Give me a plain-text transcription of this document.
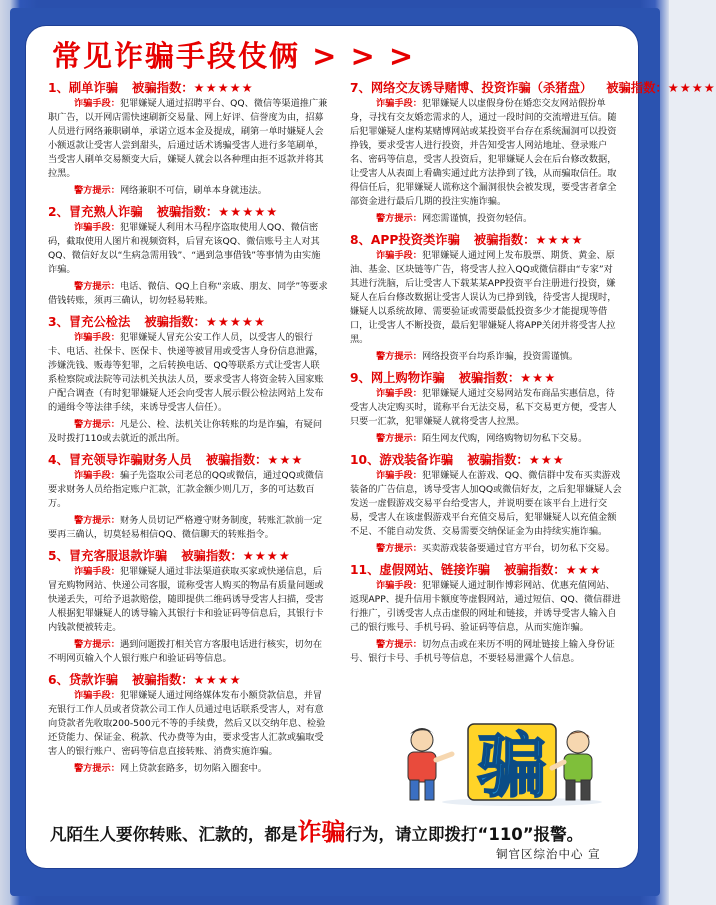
常见诈骗手段伎俩 > > >
1、刷单诈骗 被骗指数：★★★★★
诈骗手段：犯罪嫌疑人通过招聘平台、QQ、微信等渠道推广兼职广告，以开网店需快速刷新交易量、网上好评、信誉度为由，招募人员进行网络兼职刷单，承诺立返本金及提成，刷第一单时嫌疑人会小额返款让受害人尝到甜头，后通过话术诱骗受害人进行多笔刷单，当受害人刷单交易额变大后，嫌疑人就会以各种理由拒不返款并将其拉黑。
警方提示：网络兼职不可信，刷单本身就违法。
2、冒充熟人诈骗 被骗指数：★★★★★
诈骗手段：犯罪嫌疑人利用木马程序盗取使用人QQ、微信密码，截取使用人图片和视频资料，后冒充该QQ、微信账号主人对其QQ、微信好友以“生病急需用钱”、“遇到急事借钱”等事情为由实施诈骗。
警方提示：电话、微信、QQ上自称“亲戚、朋友、同学”等要求借钱转账，须再三确认，切勿轻易转账。
3、冒充公检法 被骗指数：★★★★★
诈骗手段：犯罪嫌疑人冒充公安工作人员，以受害人的银行卡、电话、社保卡、医保卡、快递等被冒用或受害人身份信息泄露，涉嫌洗钱、贩毒等犯罪，之后转换电话、QQ等联系方式让受害人联系检察院或法院等司法机关执法人员，要求受害人将资金转入国家账户配合调查（有时犯罪嫌疑人还会向受害人展示假公检法网站上发布的通缉令等法律手续，来诱导受害人信任）。
警方提示：凡是公、检、法机关让你转账的均是诈骗，有疑问及时拨打110或去就近的派出所。
4、冒充领导诈骗财务人员 被骗指数：★★★
诈骗手段：骗子先盗取公司老总的QQ或微信，通过QQ或微信要求财务人员给指定账户汇款，汇款金额少则几万，多的可达数百万。
警方提示：财务人员切记严格遵守财务制度，转账汇款前一定要再三确认，切莫轻易相信QQ、微信聊天的转账指令。
5、冒充客服退款诈骗 被骗指数：★★★★
诈骗手段：犯罪嫌疑人通过非法渠道获取买家或快递信息，后冒充购物网站、快递公司客服，谎称受害人购买的物品有质量问题或快递丢失，可给予退款赔偿，随即提供二维码诱导受害人扫描，受害人根据犯罪嫌疑人的诱导输入其银行卡和验证码等信息后，其银行卡内钱款便被转走。
警方提示：遇到问题拨打相关官方客服电话进行核实，切勿在不明网页输入个人银行账户和验证码等信息。
6、贷款诈骗 被骗指数：★★★★
诈骗手段：犯罪嫌疑人通过网络媒体发布小额贷款信息，并冒充银行工作人员或者贷款公司工作人员通过电话联系受害人，对有意向贷款者先收取200-500元不等的手续费，然后又以交纳年息、检验还贷能力、保证金、税款、代办费等为由，要求受害人汇款或骗取受害人的银行账户、密码等信息直接转账、消费实施诈骗。
警方提示：网上贷款套路多，切勿陷入圈套中。
7、网络交友诱导赌博、投资诈骗（杀猪盘） 被骗指数：★★★★
诈骗手段：犯罪嫌疑人以虚假身份在婚恋交友网站假扮单身，寻找有交友婚恋需求的人，通过一段时间的交流增进互信。随后犯罪嫌疑人虚构某赌博网站或某投资平台存在系统漏洞可以投资挣钱，要求受害人进行投资，并告知受害人网站地址、登录账户名、密码等信息，受害人投资后，犯罪嫌疑人会在后台修改数据，让受害人从表面上看确实通过此方法挣到了钱，从而骗取信任。取得信任后，犯罪嫌疑人谎称这个漏洞很快会被发现，要受害者拿全部资金进行最后几期的投注实施诈骗。
警方提示：网恋需谨慎，投资勿轻信。
8、APP投资类诈骗 被骗指数：★★★★
诈骗手段：犯罪嫌疑人通过网上发布股票、期货、黄金、原油、基金、区块链等广告，将受害人拉入QQ或微信群由“专家”对其进行洗脑，后让受害人下载某某APP投资平台注册进行投资，嫌疑人在后台修改数据让受害人误认为已挣到钱，待受害人提现时，嫌疑人以系统故障、需要验证或需要最低投资多少才能提现等借口，让受害人不断投资，最后犯罪嫌疑人将APP关闭并将受害人拉黑。
警方提示：网络投资平台均系诈骗，投资需谨慎。
9、网上购物诈骗 被骗指数：★★★
诈骗手段：犯罪嫌疑人通过交易网站发布商品实惠信息，待受害人决定购买时，谎称平台无法交易，私下交易更方便，受害人只要一汇款，犯罪嫌疑人就将受害人拉黑。
警方提示：陌生网友代购，网络购物切勿私下交易。
10、游戏装备诈骗 被骗指数：★★★
诈骗手段：犯罪嫌疑人在游戏、QQ、微信群中发布买卖游戏装备的广告信息，诱导受害人加QQ或微信好友，之后犯罪嫌疑人会发送一虚假游戏交易平台给受害人，并说明要在该平台上进行交易，受害人在该虚假游戏平台充值交易后，犯罪嫌疑人以充值金额不足、不能自动发货、交易需要交纳保证金为由持续实施诈骗。
警方提示：买卖游戏装备要通过官方平台，切勿私下交易。
11、虚假网站、链接诈骗 被骗指数：★★★
诈骗手段：犯罪嫌疑人通过制作博彩网站、优惠充值网站、返现APP、提升信用卡额度等虚假网站，通过短信、QQ、微信群进行推广，引诱受害人点击虚假的网址和链接，并诱导受害人输入自己的银行账号、手机号码、验证码等信息，从而实施诈骗。
警方提示：切勿点击或在来历不明的网址链接上输入身份证号、银行卡号、手机号等信息，不要轻易泄露个人信息。
骗
凡陌生人要你转账、汇款的，都是诈骗行为，请立即拨打“110”报警。
铜官区综治中心 宣
